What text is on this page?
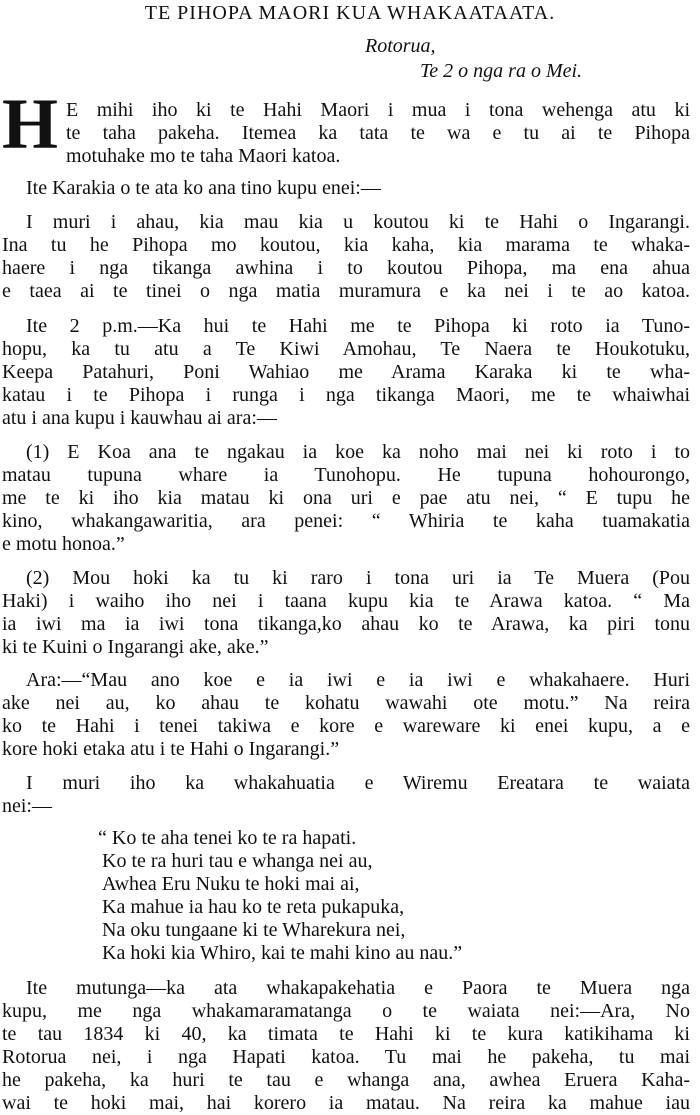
TE PIHOPA MAORI KUA WHAKAATAATA.
Rotorua,
Te 2 o nga ra o Mei.
H E mihi iho ki te Hahi Maori i mua i tona wehenga atu ki
te taha pakeha. Itemea ka tata te wa e tu ai te Pihopa
motuhake mo te taha Maori katoa.
Ite Karakia o te ata ko ana tino kupu enei:—
I muri i ahau, kia mau kia u koutou ki te Hahi o Ingarangi.
Ina tu he Pihopa mo koutou, kia kaha, kia marama te whaka-
haere i nga tikanga awhina i to koutou Pihopa, ma ena ahua
e taea ai te tinei o nga matia muramura e ka nei i te ao katoa.
Ite 2 p.m.—Ka hui te Hahi me te Pihopa ki roto ia Tuno-
hopu, ka tu atu a Te Kiwi Amohau, Te Naera te Houkotuku,
Keepa Patahuri, Poni Wahiao me Arama Karaka ki te wha-
katau i te Pihopa i runga i nga tikanga Maori, me te whaiwhai
atu i ana kupu i kauwhau ai ara:—
(1) E Koa ana te ngakau ia koe ka noho mai nei ki roto i to
matau tupuna whare ia Tunohopu. He tupuna hohourongo,
me te ki iho kia matau ki ona uri e pae atu nei, “ E tupu he
kino, whakangawaritia, ara penei: “ Whiria te kaha tuamakatia
e motu honoa.”
(2) Mou hoki ka tu ki raro i tona uri ia Te Muera (Pou
Haki) i waiho iho nei i taana kupu kia te Arawa katoa. “ Ma
ia iwi ma ia iwi tona tikanga,ko ahau ko te Arawa, ka piri tonu
ki te Kuini o Ingarangi ake, ake.”
Ara:—“Mau ano koe e ia iwi e ia iwi e whakahaere. Huri
ake nei au, ko ahau te kohatu wawahi ote motu.” Na reira
ko te Hahi i tenei takiwa e kore e wareware ki enei kupu, a e
kore hoki etaka atu i te Hahi o Ingarangi.”
I muri iho ka whakahuatia e Wiremu Ereatara te waiata
nei:—
“ Ko te aha tenei ko te ra hapati.
Ko te ra huri tau e whanga nei au,
Awhea Eru Nuku te hoki mai ai,
Ka mahue ia hau ko te reta pukapuka,
Na oku tungaane ki te Wharekura nei,
Ka hoki kia Whiro, kai te mahi kino au nau.”
Ite mutunga—ka ata whakapakehatia e Paora te Muera nga
kupu, me nga whakamaramatanga o te waiata nei:—Ara, No
te tau 1834 ki 40, ka timata te Hahi ki te kura katikihama ki
Rotorua nei, i nga Hapati katoa. Tu mai he pakeha, tu mai
he pakeha, ka huri te tau e whanga ana, awhea Eruera Kaha-
wai te hoki mai, hai korero ia matau. Na reira ka mahue iau
